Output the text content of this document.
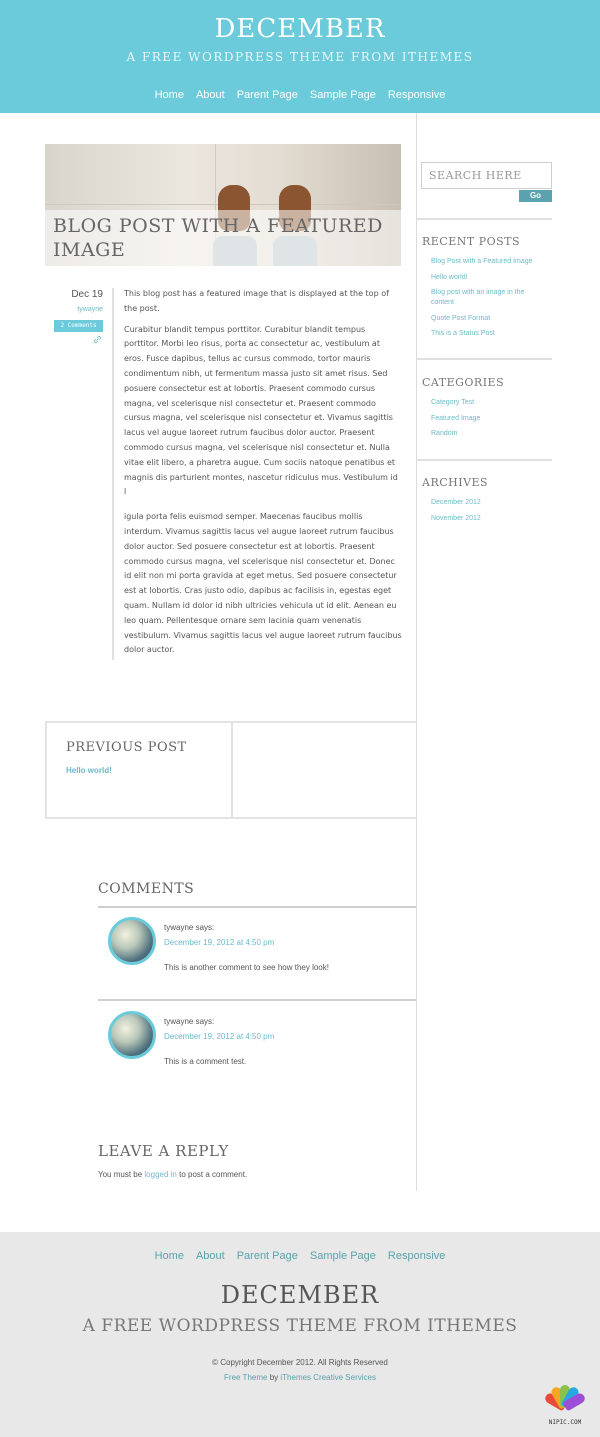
DECEMBER
A FREE WORDPRESS THEME FROM ITHEMES
Home About Parent Page Sample Page Responsive
BLOG POST WITH A FEATURED IMAGE
Dec 19
tywayne
2 Comments

This blog post has a featured image that is displayed at the top of the post.

Curabitur blandit tempus porttitor. Curabitur blandit tempus porttitor. Morbi leo risus, porta ac consectetur ac, vestibulum at eros. Fusce dapibus, tellus ac cursus commodo, tortor mauris condimentum nibh, ut fermentum massa justo sit amet risus. Sed posuere consectetur est at lobortis. Praesent commodo cursus magna, vel scelerisque nisl consectetur et. Praesent commodo cursus magna, vel scelerisque nisl consectetur et. Vivamus sagittis lacus vel augue laoreet rutrum faucibus dolor auctor. Praesent commodo cursus magna, vel scelerisque nisl consectetur et. Nulla vitae elit libero, a pharetra augue. Cum sociis natoque penatibus et magnis dis parturient montes, nascetur ridiculus mus. Vestibulum id l

igula porta felis euismod semper. Maecenas faucibus mollis interdum. Vivamus sagittis lacus vel augue laoreet rutrum faucibus dolor auctor. Sed posuere consectetur est at lobortis. Praesent commodo cursus magna, vel scelerisque nisl consectetur et. Donec id elit non mi porta gravida at eget metus. Sed posuere consectetur est at lobortis. Cras justo odio, dapibus ac facilisis in, egestas eget quam. Nullam id dolor id nibh ultricies vehicula ut id elit. Aenean eu leo quam. Pellentesque ornare sem lacinia quam venenatis vestibulum. Vivamus sagittis lacus vel augue laoreet rutrum faucibus dolor auctor.

PREVIOUS POST
Hello world!
COMMENTS
tywayne says:
December 19, 2012 at 4:50 pm
This is another comment to see how they look!
tywayne says:
December 19, 2012 at 4:50 pm
This is a comment test.
LEAVE A REPLY
You must be logged in to post a comment.
SEARCH HERE
Go
RECENT POSTS
Blog Post with a Featured Image
Hello world!
Blog post with an image in the content
Quote Post Format
This is a Status Post
CATEGORIES
Category Test
Featured Image
Random
ARCHIVES
December 2012
November 2012
Home About Parent Page Sample Page Responsive
DECEMBER
A FREE WORDPRESS THEME FROM ITHEMES
© Copyright December 2012. All Rights Reserved
Free Theme by iThemes Creative Services
NIPIC.COM
